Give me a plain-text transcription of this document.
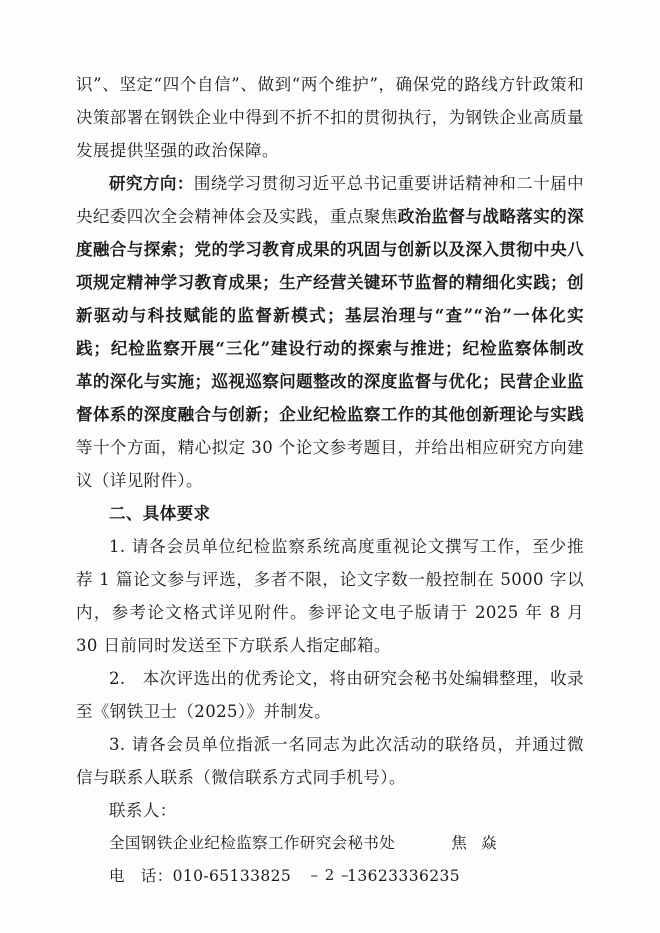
识”、坚定“四个自信”、做到“两个维护”，确保党的路线方针政策和决策部署在钢铁企业中得到不折不扣的贯彻执行，为钢铁企业高质量发展提供坚强的政治保障。

研究方向：围绕学习贯彻习近平总书记重要讲话精神和二十届中央纪委四次全会精神体会及实践，重点聚焦政治监督与战略落实的深度融合与探索；党的学习教育成果的巩固与创新以及深入贯彻中央八项规定精神学习教育成果；生产经营关键环节监督的精细化实践；创新驱动与科技赋能的监督新模式；基层治理与“查”“治”一体化实践；纪检监察开展“三化”建设行动的探索与推进；纪检监察体制改革的深化与实施；巡视巡察问题整改的深度监督与优化；民营企业监督体系的深度融合与创新；企业纪检监察工作的其他创新理论与实践等十个方面，精心拟定 30 个论文参考题目，并给出相应研究方向建议（详见附件）。

二、具体要求

1. 请各会员单位纪检监察系统高度重视论文撰写工作，至少推荐 1 篇论文参与评选，多者不限，论文字数一般控制在 5000 字以内，参考论文格式详见附件。参评论文电子版请于 2025 年 8 月 30 日前同时发送至下方联系人指定邮箱。

2.　本次评选出的优秀论文，将由研究会秘书处编辑整理，收录至《钢铁卫士（2025）》并制发。

3. 请各会员单位指派一名同志为此次活动的联络员，并通过微信与联系人联系（微信联系方式同手机号）。

联系人：

全国钢铁企业纪检监察工作研究会秘书处	焦 焱

电　话：010-65133825	13623336235

– 2 –
